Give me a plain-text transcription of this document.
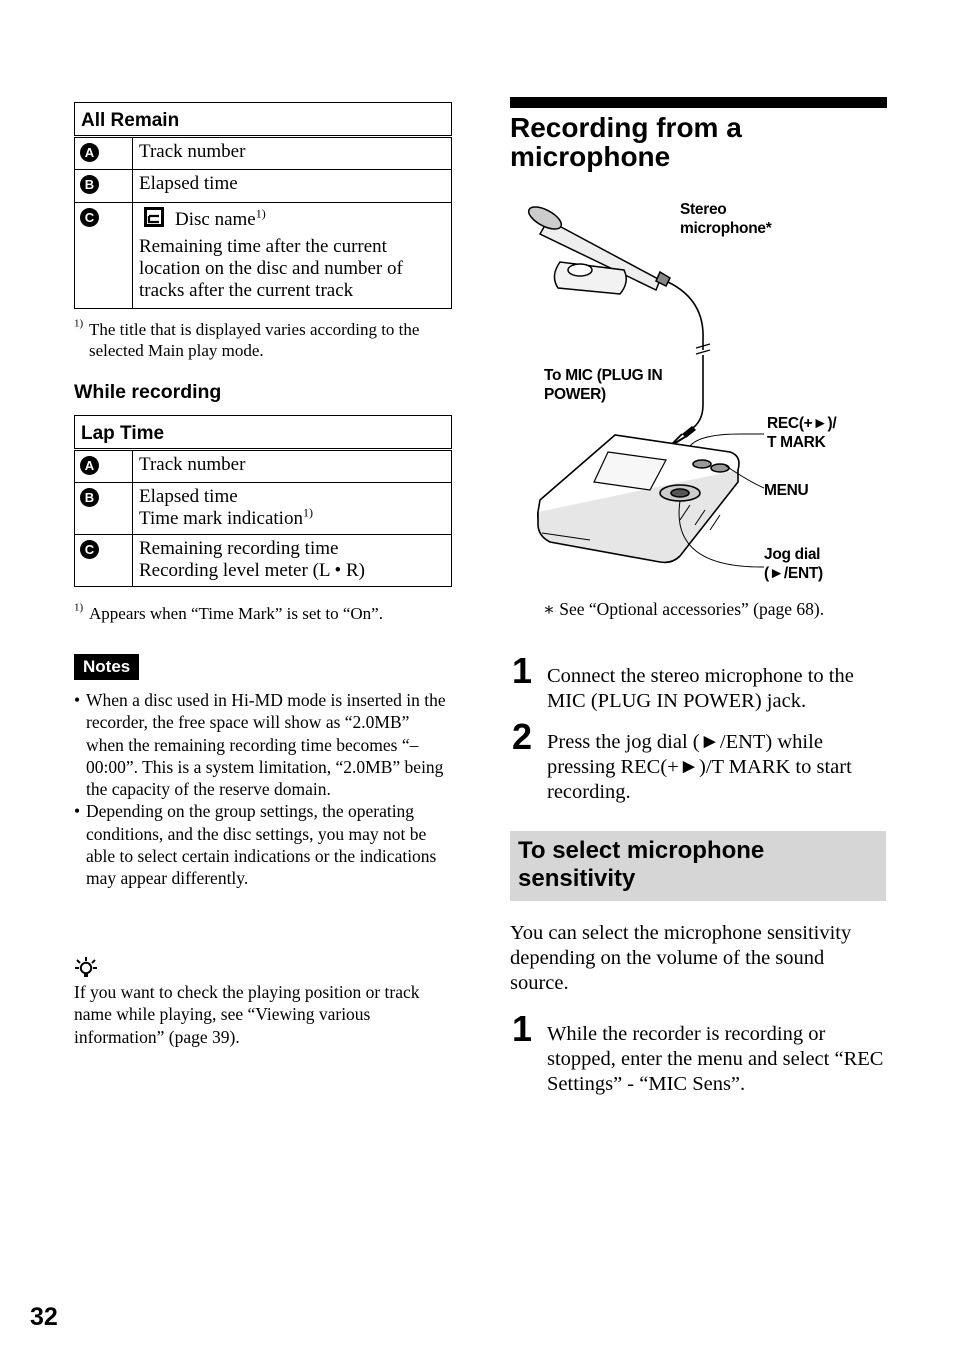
All Remain	
A	Track number
B	Elapsed time
C	Disc name$^{1)}$
Remaining time after the current location on the disc and number of tracks after the current track
$^{1)}$ The title that is displayed varies according to the selected Main play mode.
While recording
Lap Time	
A	Track number
B	Elapsed time
Time mark indication$^{1)}$

C	Remaining recording time
Recording level meter (L • R)
$^{1)}$ Appears when “Time Mark” is set to “On”.
Notes
• When a disc used in Hi-MD mode is inserted in the recorder, the free space will show as “2.0MB” when the remaining recording time becomes “–00:00”. This is a system limitation, “2.0MB” being the capacity of the reserve domain.
• Depending on the group settings, the operating conditions, and the disc settings, you may not be able to select certain indications or the indications may appear differently.
If you want to check the playing position or track name while playing, see “Viewing various information” (page 39).
32
Recording from a
microphone
Stereo
microphone*
To MIC (PLUG IN
POWER)
REC(+►)/
T MARK
MENU
Jog dial
(►/ENT)
∗ See “Optional accessories” (page 68).
1 Connect the stereo microphone to the MIC (PLUG IN POWER) jack.
2 Press the jog dial (►/ENT) while pressing REC(+►)/T MARK to start recording.
To select microphone sensitivity
You can select the microphone sensitivity depending on the volume of the sound source.
1 While the recorder is recording or stopped, enter the menu and select “REC Settings” - “MIC Sens”.
